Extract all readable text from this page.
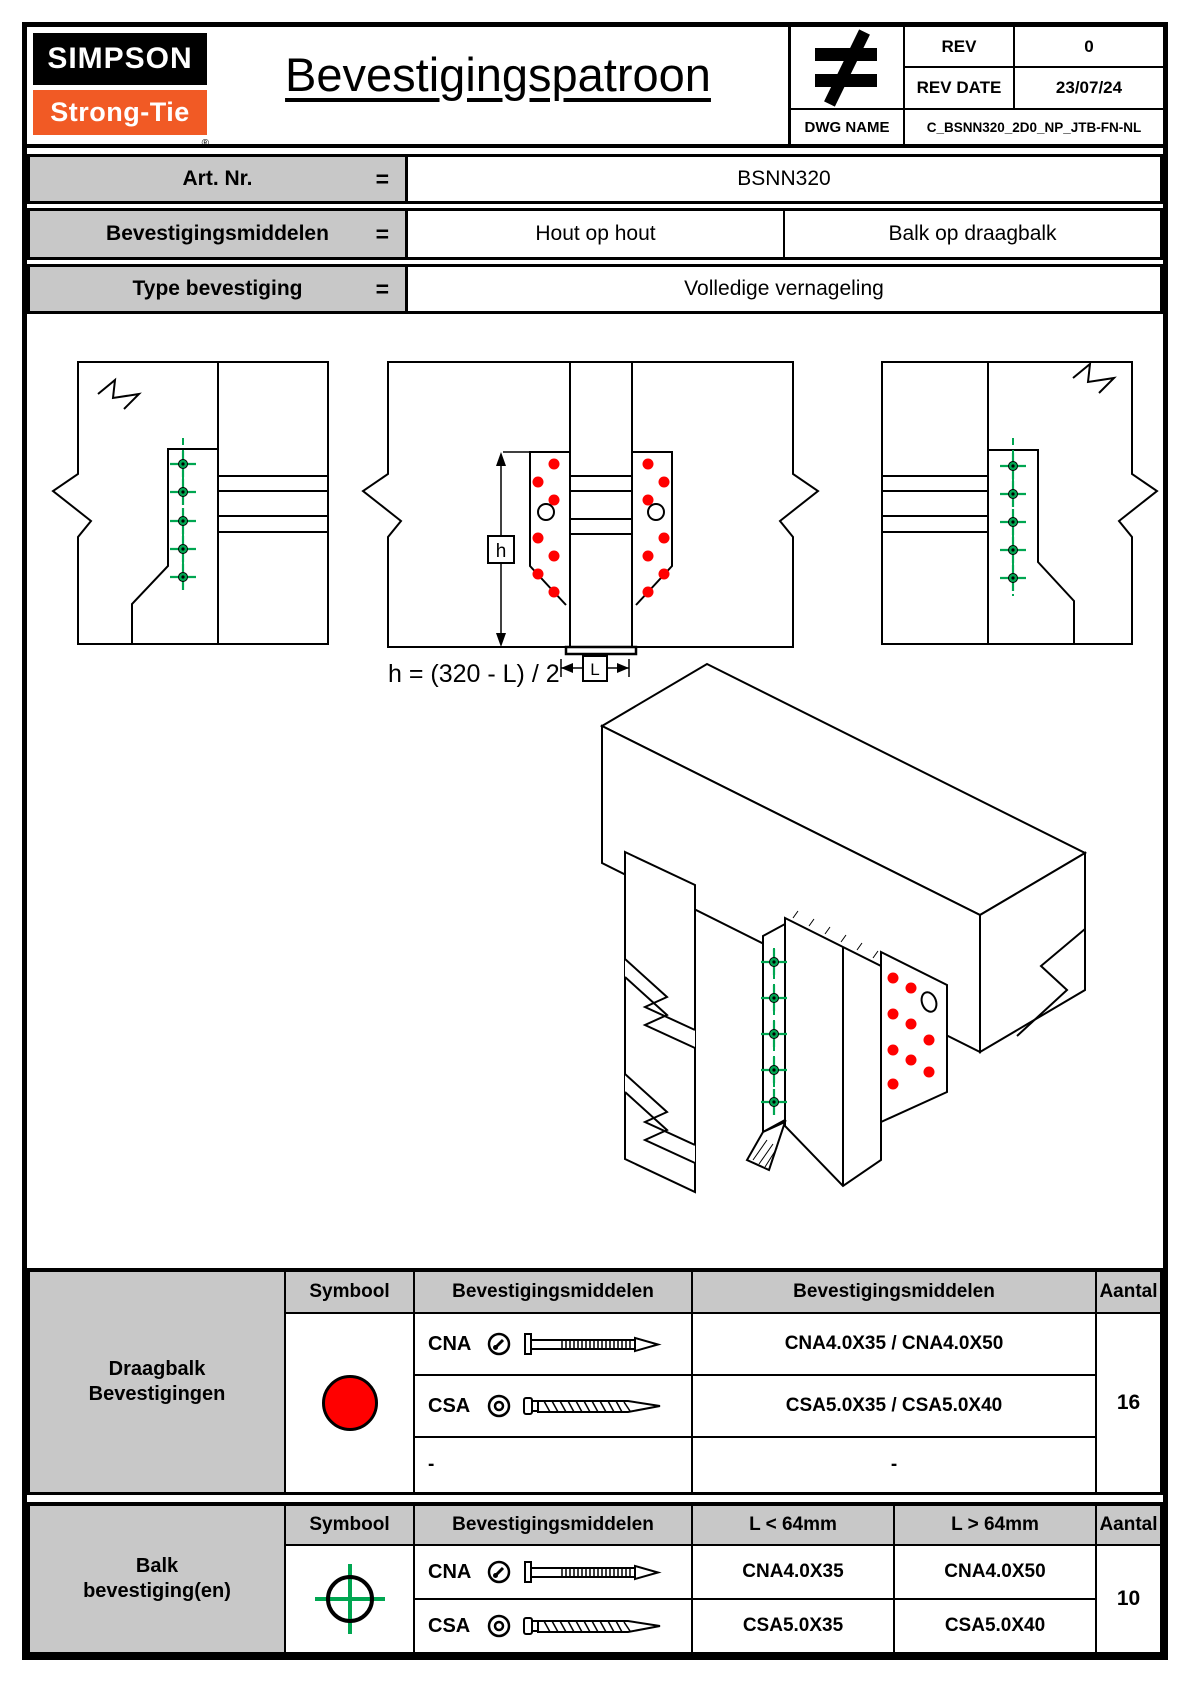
SIMPSON
Strong-Tie
®
Bevestigingspatroon
REV	0
REV DATE	23/07/24
DWG NAME	C_BSNN320_2D0_NP_JTB-FN-NL
Art. Nr.	=	BSNN320
Bevestigingsmiddelen =	Hout op hout	Balk op draagbalk
Type bevestiging	=	Volledige vernageling
h
h = (320 - L) / 2 L
Draagbalk
Bevestigingen
Symbool	Bevestigingsmiddelen	Bevestigingsmiddelen	Aantal
CNA	CNA4.0X35 / CNA4.0X50
CSA	CSA5.0X35 / CSA5.0X40
-	-
16
Balk
bevestiging(en)
Symbool	Bevestigingsmiddelen	L < 64mm	L > 64mm	Aantal
CNA	CNA4.0X35	CNA4.0X50
CSA	CSA5.0X35	CSA5.0X40
10
